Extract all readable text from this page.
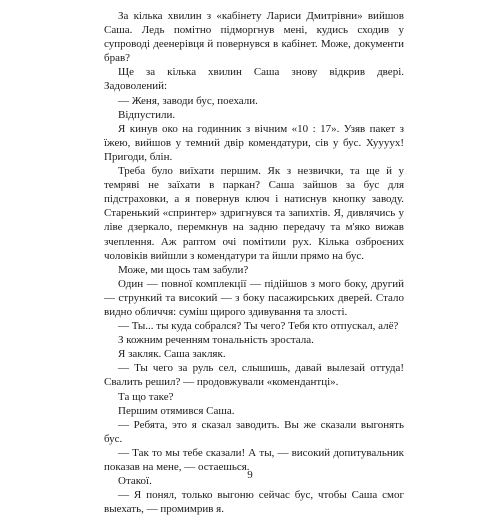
За кілька хвилин з «кабінету Лариси Дмитрівни» вийшов Саша. Ледь помітно підморгнув мені, кудись сходив у супроводі деенерівця й повернувся в кабінет. Може, документи брав?

Ще за кілька хвилин Саша знову відкрив двері. Задоволений:

— Женя, заводи бус, поехали.

Відпустили.

Я кинув око на годинник з вічним «10 : 17». Узяв пакет з їжею, вийшов у темний двір комендатури, сів у бус. Хуууух! Пригоди, блін.

Треба було виїхати першим. Як з незвички, та ще й у темряві не заїхати в паркан? Саша зайшов за бус для підстраховки, а я повернув ключ і натиснув кнопку заводу. Старенький «спринтер» здригнувся та запихтів. Я, дивлячись у ліве дзеркало, перемкнув на задню передачу та м'яко вижав зчеплення. Аж раптом очі помітили рух. Кілька озброєних чоловіків вийшли з комендатури та йшли прямо на бус.

Може, ми щось там забули?

Один — повної комплекції — підійшов з мого боку, другий — стрункий та високий — з боку пасажирських дверей. Стало видно обличчя: суміш щирого здивування та злості.

— Ты... ты куда собрался? Ты чего? Тебя кто отпускал, алё?

З кожним реченням тональність зростала.

Я закляк. Саша закляк.

— Ты чего за руль сел, слышишь, давай вылезай оттуда! Свалить решил? — продовжували «комендантці».

Та що таке?

Першим отямився Саша.

— Ребята, это я сказал заводить. Вы же сказали выгонять бус.

— Так то мы тебе сказали! А ты, — високий допитувальник показав на мене, — остаешься.

Отакої.

— Я понял, только выгоню сейчас бус, чтобы Саша смог выехать, — промимрив я.

9
